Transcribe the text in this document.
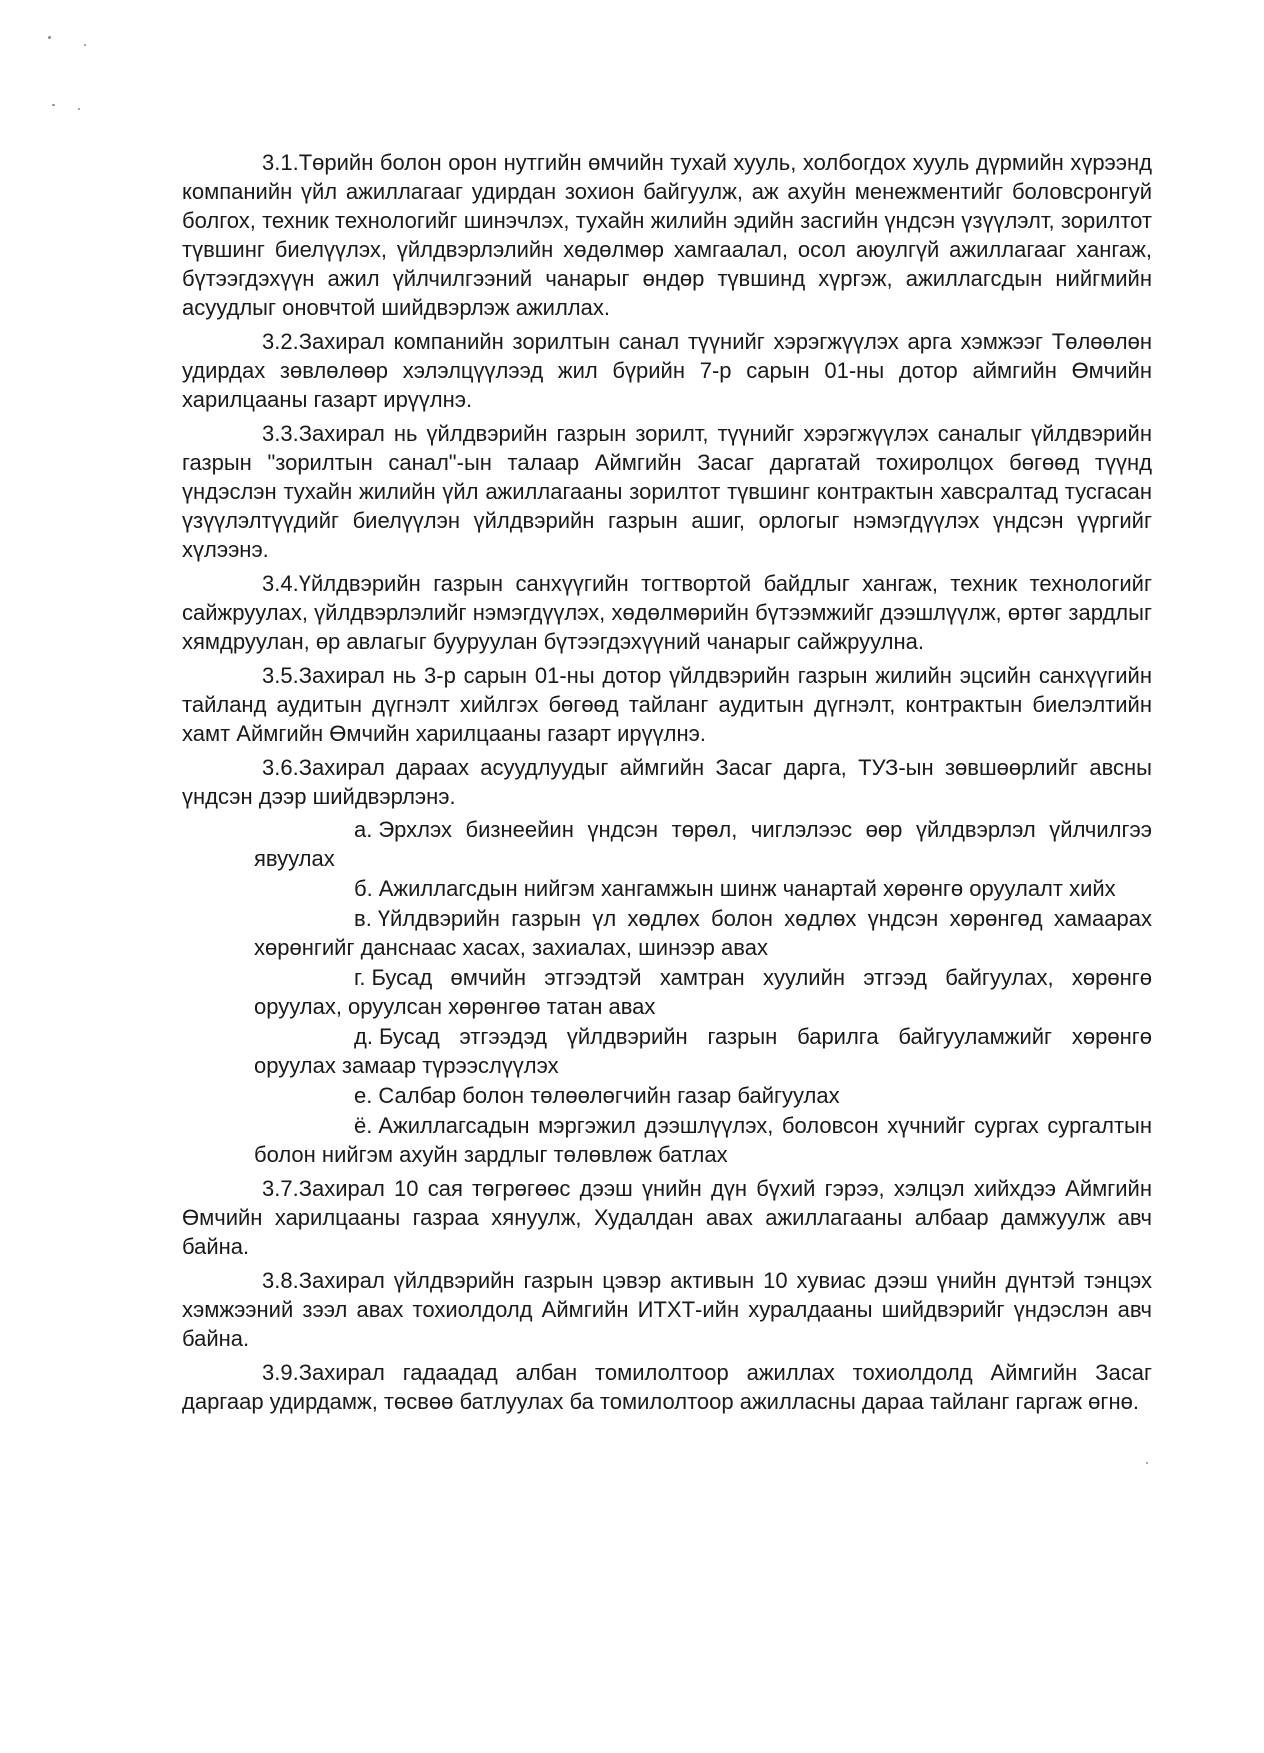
3.1.Төрийн болон орон нутгийн өмчийн тухай хууль, холбогдох хууль дүрмийн хүрээнд компанийн үйл ажиллагааг удирдан зохион байгуулж, аж ахуйн менежментийг боловсронгуй болгох, техник технологийг шинэчлэх, тухайн жилийн эдийн засгийн үндсэн үзүүлэлт, зорилтот түвшинг биелүүлэх, үйлдвэрлэлийн хөдөлмөр хамгаалал, осол аюулгүй ажиллагааг хангаж, бүтээгдэхүүн ажил үйлчилгээний чанарыг өндөр түвшинд хүргэж, ажиллагсдын нийгмийн асуудлыг оновчтой шийдвэрлэж ажиллах.

3.2.Захирал компанийн зорилтын санал түүнийг хэрэгжүүлэх арга хэмжээг Төлөөлөн удирдах зөвлөлөөр хэлэлцүүлээд жил бүрийн 7-р сарын 01-ны дотор аймгийн Өмчийн харилцааны газарт ирүүлнэ.

3.3.Захирал нь үйлдвэрийн газрын зорилт, түүнийг хэрэгжүүлэх саналыг үйлдвэрийн газрын "зорилтын санал"-ын талаар Аймгийн Засаг даргатай тохиролцох бөгөөд түүнд үндэслэн тухайн жилийн үйл ажиллагааны зорилтот түвшинг контрактын хавсралтад тусгасан үзүүлэлтүүдийг биелүүлэн үйлдвэрийн газрын ашиг, орлогыг нэмэгдүүлэх үндсэн үүргийг хүлээнэ.

3.4.Үйлдвэрийн газрын санхүүгийн тогтвортой байдлыг хангаж, техник технологийг сайжруулах, үйлдвэрлэлийг нэмэгдүүлэх, хөдөлмөрийн бүтээмжийг дээшлүүлж, өртөг зардлыг хямдруулан, өр авлагыг бууруулан бүтээгдэхүүний чанарыг сайжруулна.

3.5.Захирал нь 3-р сарын 01-ны дотор үйлдвэрийн газрын жилийн эцсийн санхүүгийн тайланд аудитын дүгнэлт хийлгэх бөгөөд тайланг аудитын дүгнэлт, контрактын биелэлтийн хамт Аймгийн Өмчийн харилцааны газарт ирүүлнэ.

3.6.Захирал дараах асуудлуудыг аймгийн Засаг дарга, ТУЗ-ын зөвшөөрлийг авсны үндсэн дээр шийдвэрлэнэ.

а. Эрхлэх бизнеейин үндсэн төрөл, чиглэлээс өөр үйлдвэрлэл үйлчилгээ явуулах
б. Ажиллагсдын нийгэм хангамжын шинж чанартай хөрөнгө оруулалт хийх
в. Үйлдвэрийн газрын үл хөдлөх болон хөдлөх үндсэн хөрөнгөд хамаарах хөрөнгийг данснаас хасах, захиалах, шинээр авах
г. Бусад өмчийн этгээдтэй хамтран хуулийн этгээд байгуулах, хөрөнгө оруулах, оруулсан хөрөнгөө татан авах
д. Бусад этгээдэд үйлдвэрийн газрын барилга байгууламжийг хөрөнгө оруулах замаар түрээслүүлэх
е. Салбар болон төлөөлөгчийн газар байгуулах
ё. Ажиллагсадын мэргэжил дээшлүүлэх, боловсон хүчнийг сургах сургалтын болон нийгэм ахуйн зардлыг төлөвлөж батлах

3.7.Захирал 10 сая төгрөгөөс дээш үнийн дүн бүхий гэрээ, хэлцэл хийхдээ Аймгийн Өмчийн харилцааны газраа хянуулж, Худалдан авах ажиллагааны албаар дамжуулж авч байна.

3.8.Захирал үйлдвэрийн газрын цэвэр активын 10 хувиас дээш үнийн дүнтэй тэнцэх хэмжээний зээл авах тохиолдолд Аймгийн ИТХТ-ийн хуралдааны шийдвэрийг үндэслэн авч байна.

3.9.Захирал гадаадад албан томилолтоор ажиллах тохиолдолд Аймгийн Засаг даргаар удирдамж, төсвөө батлуулах ба томилолтоор ажилласны дараа тайланг гаргаж өгнө.
